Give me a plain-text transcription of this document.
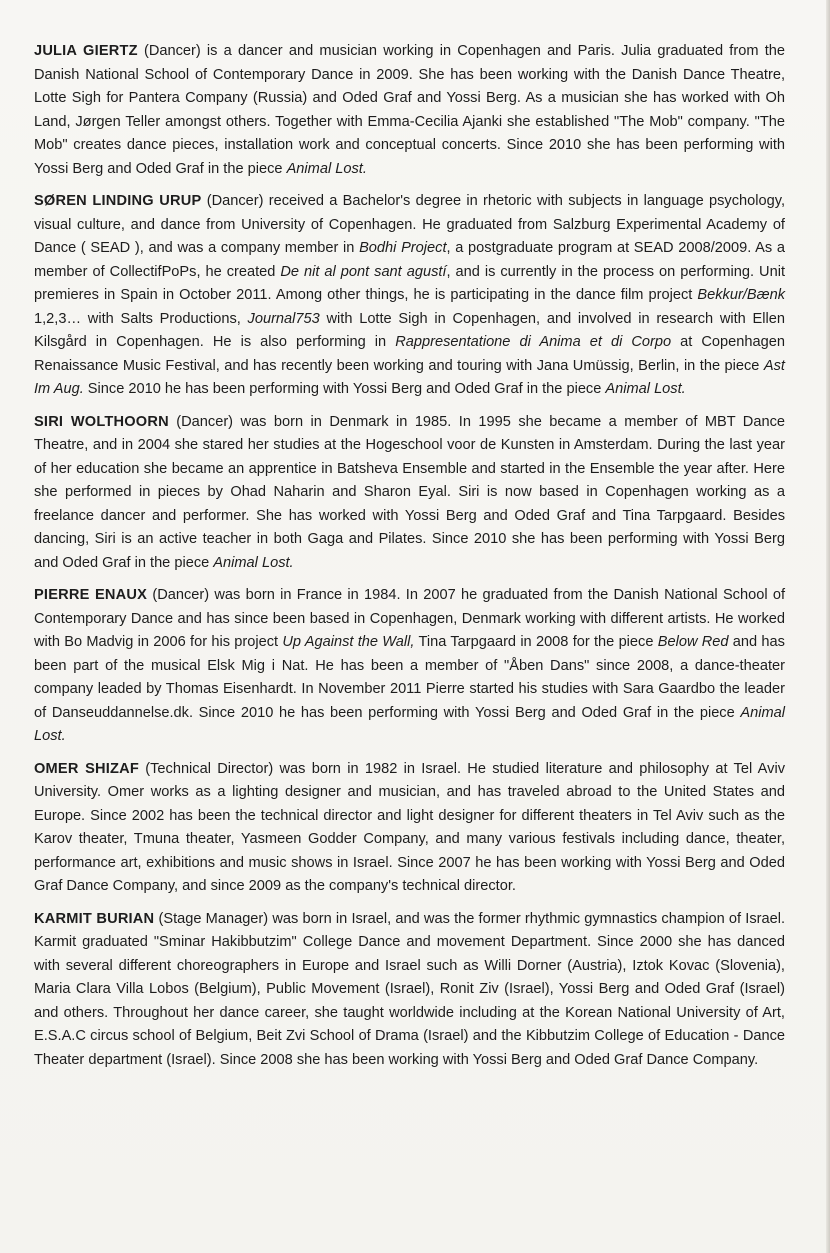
JULIA GIERTZ (Dancer) is a dancer and musician working in Copenhagen and Paris. Julia graduated from the Danish National School of Contemporary Dance in 2009. She has been working with the Danish Dance Theatre, Lotte Sigh for Pantera Company (Russia) and Oded Graf and Yossi Berg. As a musician she has worked with Oh Land, Jørgen Teller amongst others. Together with Emma-Cecilia Ajanki she established "The Mob" company. "The Mob" creates dance pieces, installation work and conceptual concerts. Since 2010 she has been performing with Yossi Berg and Oded Graf in the piece Animal Lost.

SØREN LINDING URUP (Dancer) received a Bachelor's degree in rhetoric with subjects in language psychology, visual culture, and dance from University of Copenhagen. He graduated from Salzburg Experimental Academy of Dance ( SEAD ), and was a company member in Bodhi Project, a postgraduate program at SEAD 2008/2009. As a member of CollectifPoPs, he created De nit al pont sant agustí, and is currently in the process on performing. Unit premieres in Spain in October 2011. Among other things, he is participating in the dance film project Bekkur/Bænk 1,2,3… with Salts Productions, Journal753 with Lotte Sigh in Copenhagen, and involved in research with Ellen Kilsgård in Copenhagen. He is also performing in Rappresentatione di Anima et di Corpo at Copenhagen Renaissance Music Festival, and has recently been working and touring with Jana Umüssig, Berlin, in the piece Ast Im Aug. Since 2010 he has been performing with Yossi Berg and Oded Graf in the piece Animal Lost.

SIRI WOLTHOORN (Dancer) was born in Denmark in 1985. In 1995 she became a member of MBT Dance Theatre, and in 2004 she stared her studies at the Hogeschool voor de Kunsten in Amsterdam. During the last year of her education she became an apprentice in Batsheva Ensemble and started in the Ensemble the year after. Here she performed in pieces by Ohad Naharin and Sharon Eyal. Siri is now based in Copenhagen working as a freelance dancer and performer. She has worked with Yossi Berg and Oded Graf and Tina Tarpgaard. Besides dancing, Siri is an active teacher in both Gaga and Pilates. Since 2010 she has been performing with Yossi Berg and Oded Graf in the piece Animal Lost.

PIERRE ENAUX (Dancer) was born in France in 1984. In 2007 he graduated from the Danish National School of Contemporary Dance and has since been based in Copenhagen, Denmark working with different artists. He worked with Bo Madvig in 2006 for his project Up Against the Wall, Tina Tarpgaard in 2008 for the piece Below Red and has been part of the musical Elsk Mig i Nat. He has been a member of "Åben Dans" since 2008, a dance-theater company leaded by Thomas Eisenhardt. In November 2011 Pierre started his studies with Sara Gaardbo the leader of Danseuddannelse.dk. Since 2010 he has been performing with Yossi Berg and Oded Graf in the piece Animal Lost.

OMER SHIZAF (Technical Director) was born in 1982 in Israel. He studied literature and philosophy at Tel Aviv University. Omer works as a lighting designer and musician, and has traveled abroad to the United States and Europe. Since 2002 has been the technical director and light designer for different theaters in Tel Aviv such as the Karov theater, Tmuna theater, Yasmeen Godder Company, and many various festivals including dance, theater, performance art, exhibitions and music shows in Israel. Since 2007 he has been working with Yossi Berg and Oded Graf Dance Company, and since 2009 as the company's technical director.

KARMIT BURIAN (Stage Manager) was born in Israel, and was the former rhythmic gymnastics champion of Israel. Karmit graduated "Sminar Hakibbutzim" College Dance and movement Department. Since 2000 she has danced with several different choreographers in Europe and Israel such as Willi Dorner (Austria), Iztok Kovac (Slovenia), Maria Clara Villa Lobos (Belgium), Public Movement (Israel), Ronit Ziv (Israel), Yossi Berg and Oded Graf (Israel) and others. Throughout her dance career, she taught worldwide including at the Korean National University of Art, E.S.A.C circus school of Belgium, Beit Zvi School of Drama (Israel) and the Kibbutzim College of Education - Dance Theater department (Israel). Since 2008 she has been working with Yossi Berg and Oded Graf Dance Company.
